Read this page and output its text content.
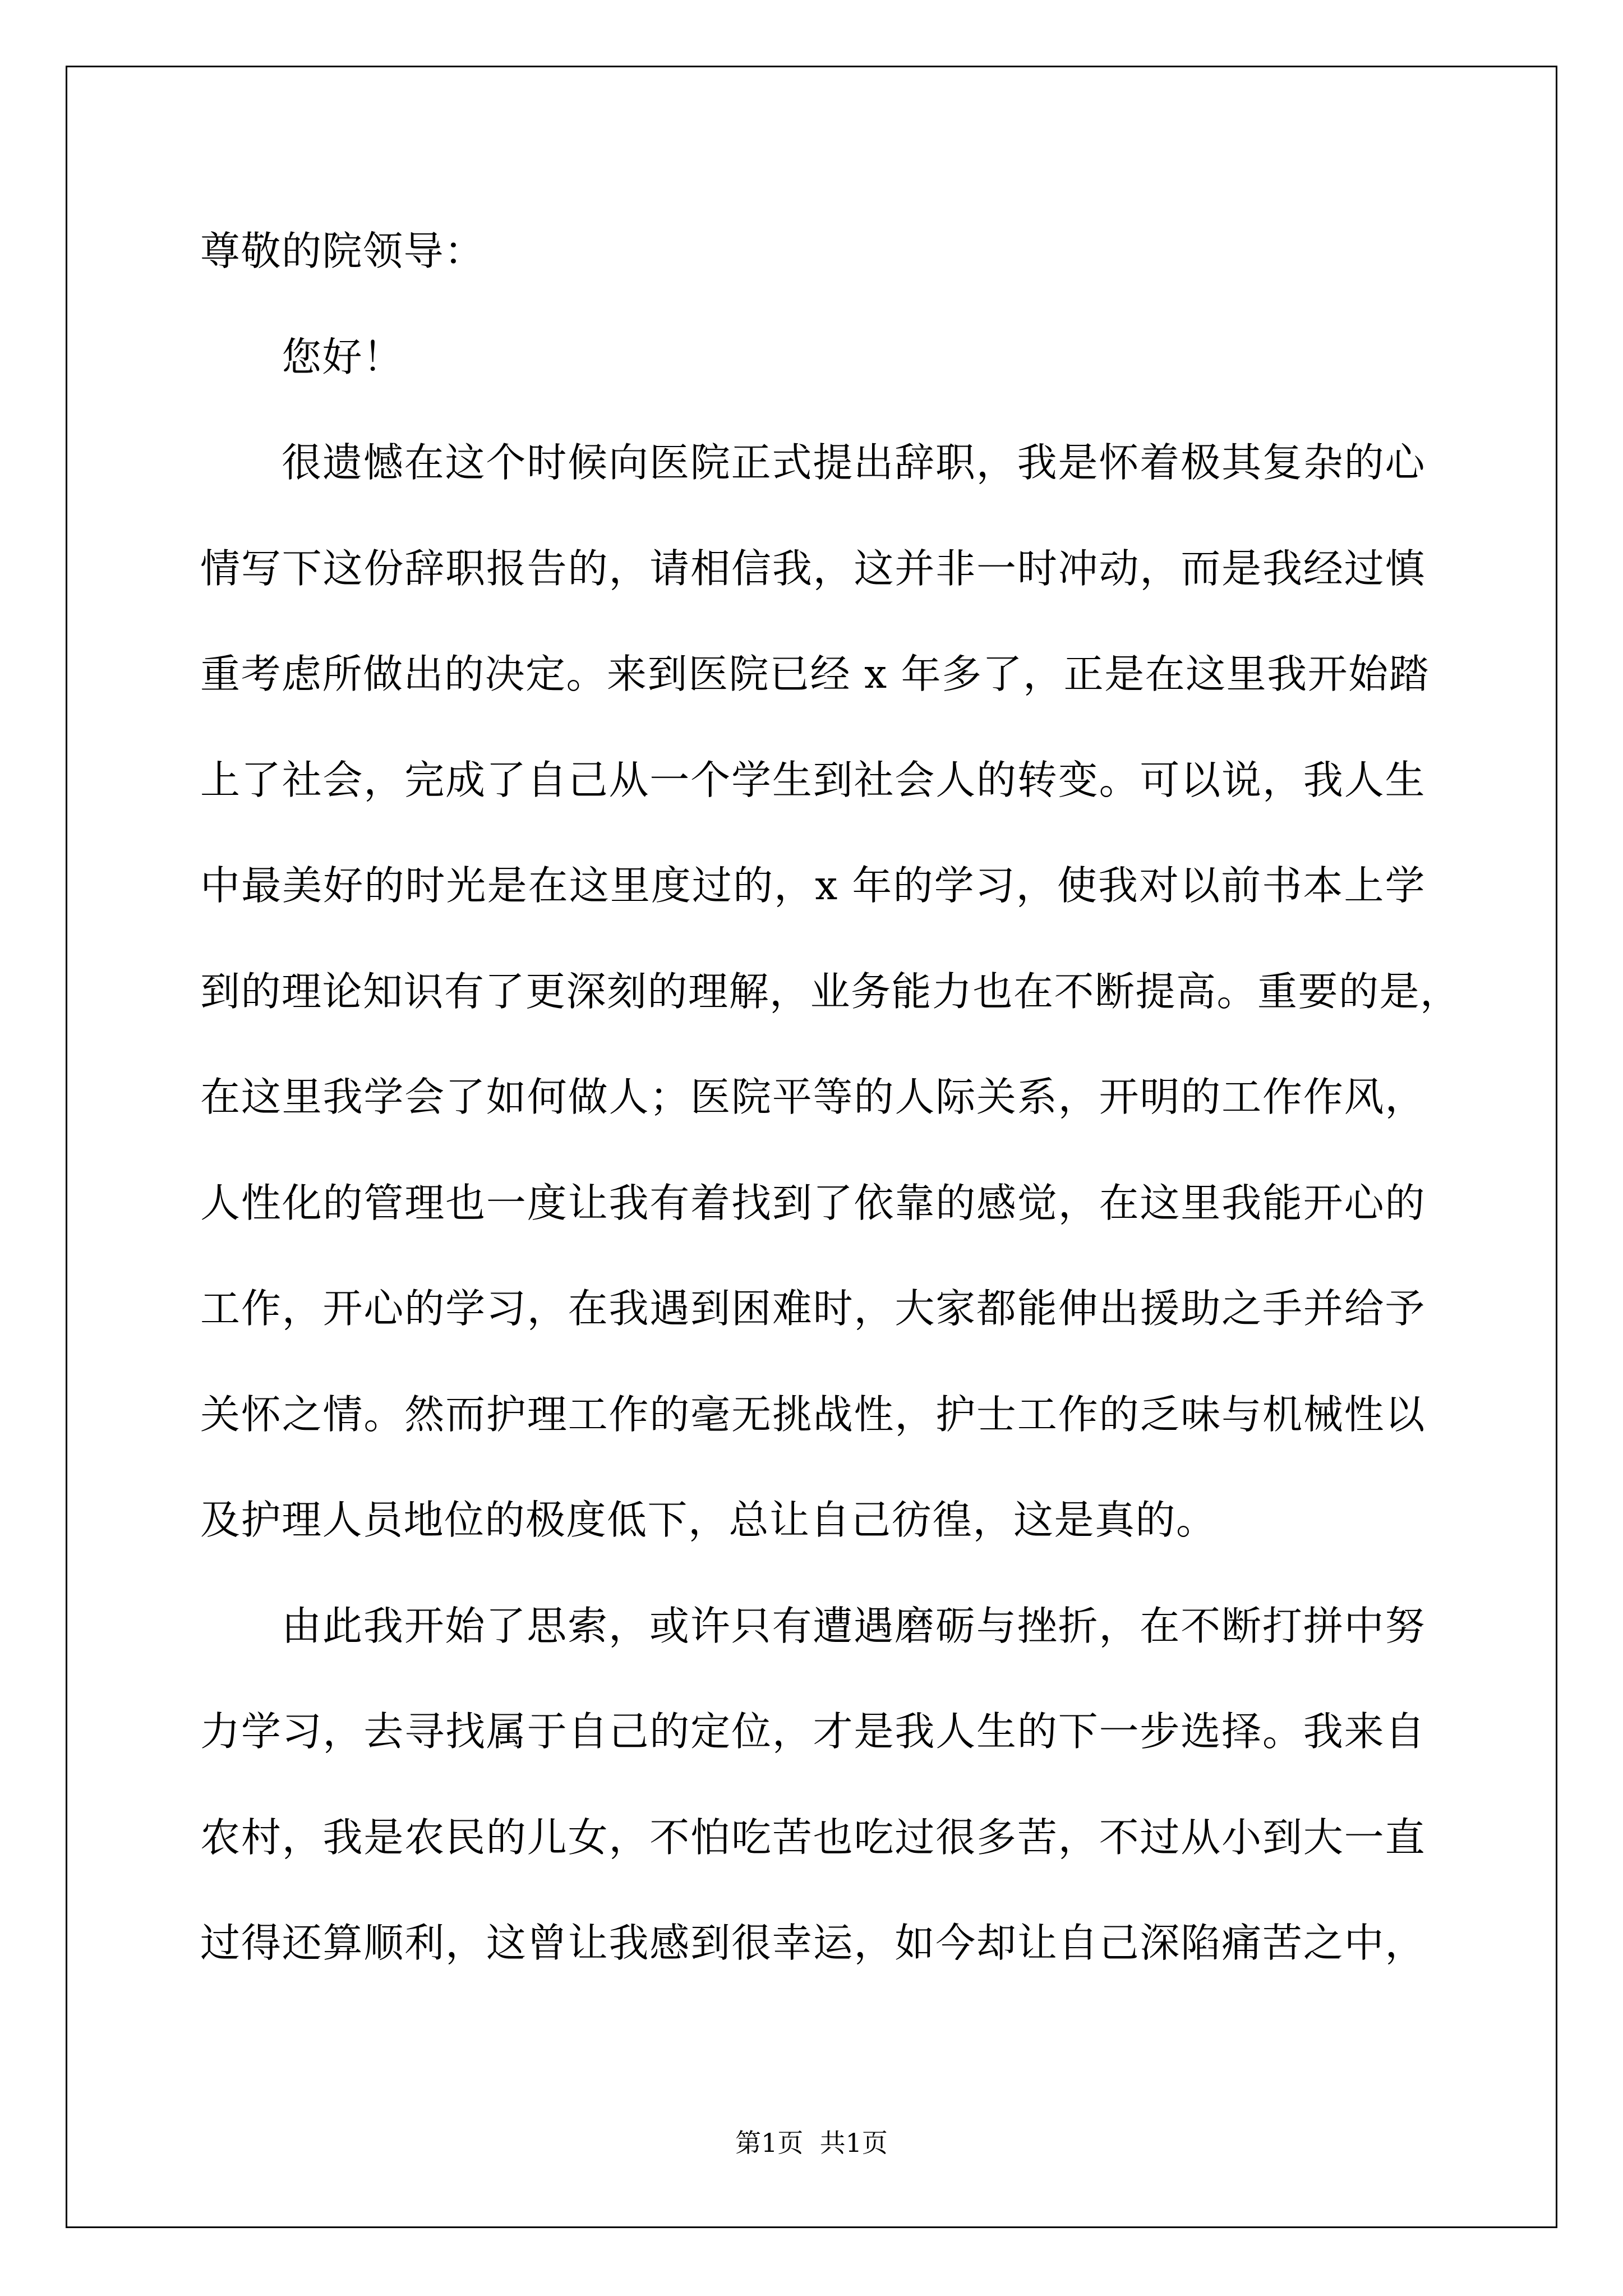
尊敬的院领导：
您好！
很遗憾在这个时候向医院正式提出辞职，我是怀着极其复杂的心
情写下这份辞职报告的，请相信我，这并非一时冲动，而是我经过慎
重考虑所做出的决定。来到医院已经 x 年多了，正是在这里我开始踏
上了社会，完成了自己从一个学生到社会人的转变。可以说，我人生
中最美好的时光是在这里度过的，x 年的学习，使我对以前书本上学
到的理论知识有了更深刻的理解，业务能力也在不断提高。重要的是，
在这里我学会了如何做人；医院平等的人际关系，开明的工作作风，
人性化的管理也一度让我有着找到了依靠的感觉，在这里我能开心的
工作，开心的学习，在我遇到困难时，大家都能伸出援助之手并给予
关怀之情。然而护理工作的毫无挑战性，护士工作的乏味与机械性以
及护理人员地位的极度低下，总让自己彷徨，这是真的。
由此我开始了思索，或许只有遭遇磨砺与挫折，在不断打拼中努
力学习，去寻找属于自己的定位，才是我人生的下一步选择。我来自
农村，我是农民的儿女，不怕吃苦也吃过很多苦，不过从小到大一直
过得还算顺利，这曾让我感到很幸运，如今却让自己深陷痛苦之中，
第1页  共1页
